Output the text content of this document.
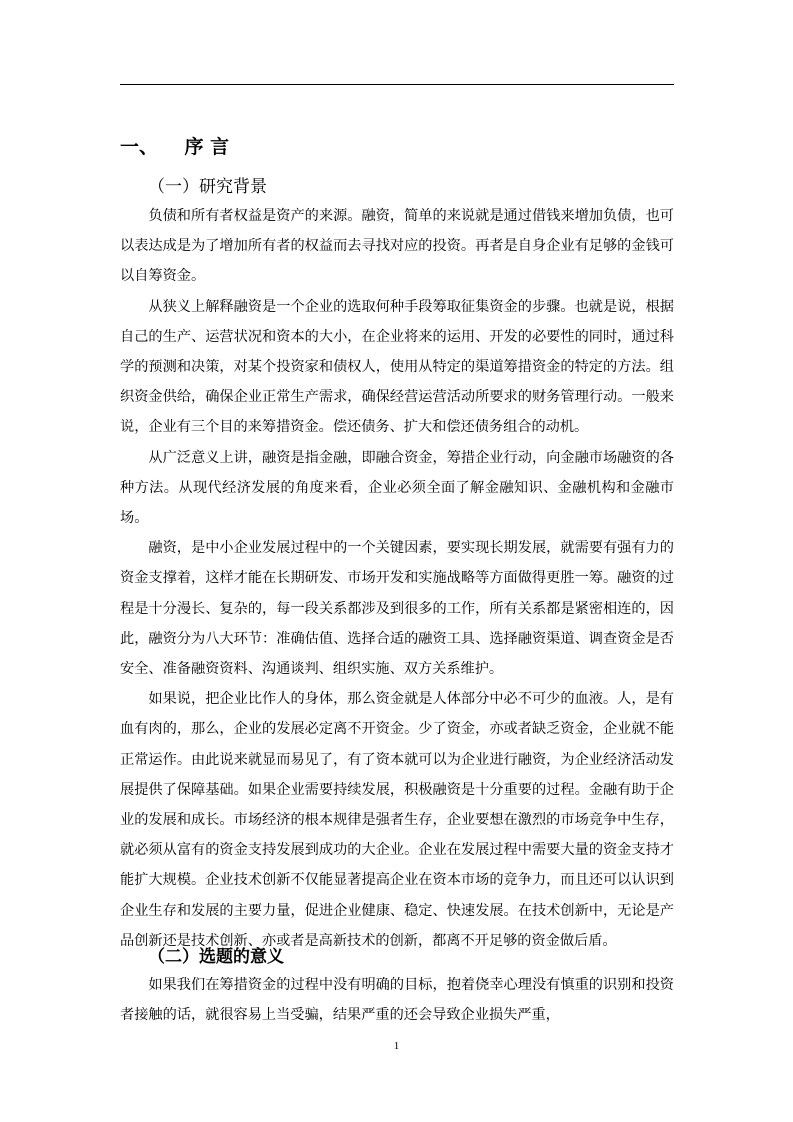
一、 序 言
（一）研究背景

负债和所有者权益是资产的来源。融资，简单的来说就是通过借钱来增加负债，也可以表达成是为了增加所有者的权益而去寻找对应的投资。再者是自身企业有足够的金钱可以自筹资金。

从狭义上解释融资是一个企业的选取何种手段筹取征集资金的步骤。也就是说，根据自己的生产、运营状况和资本的大小，在企业将来的运用、开发的必要性的同时，通过科学的预测和决策，对某个投资家和债权人，使用从特定的渠道筹措资金的特定的方法。组织资金供给，确保企业正常生产需求，确保经营运营活动所要求的财务管理行动。一般来说，企业有三个目的来筹措资金。偿还债务、扩大和偿还债务组合的动机。

从广泛意义上讲，融资是指金融，即融合资金，筹措企业行动，向金融市场融资的各种方法。从现代经济发展的角度来看，企业必须全面了解金融知识、金融机构和金融市场。

融资，是中小企业发展过程中的一个关键因素，要实现长期发展，就需要有强有力的资金支撑着，这样才能在长期研发、市场开发和实施战略等方面做得更胜一筹。融资的过程是十分漫长、复杂的，每一段关系都涉及到很多的工作，所有关系都是紧密相连的，因此，融资分为八大环节：准确估值、选择合适的融资工具、选择融资渠道、调查资金是否安全、准备融资资料、沟通谈判、组织实施、双方关系维护。

如果说，把企业比作人的身体，那么资金就是人体部分中必不可少的血液。人，是有血有肉的，那么，企业的发展必定离不开资金。少了资金，亦或者缺乏资金，企业就不能正常运作。由此说来就显而易见了，有了资本就可以为企业进行融资，为企业经济活动发展提供了保障基础。如果企业需要持续发展，积极融资是十分重要的过程。金融有助于企业的发展和成长。市场经济的根本规律是强者生存，企业要想在激烈的市场竞争中生存，就必须从富有的资金支持发展到成功的大企业。企业在发展过程中需要大量的资金支持才能扩大规模。企业技术创新不仅能显著提高企业在资本市场的竞争力，而且还可以认识到企业生存和发展的主要力量，促进企业健康、稳定、快速发展。在技术创新中，无论是产品创新还是技术创新、亦或者是高新技术的创新，都离不开足够的资金做后盾。

（二）选题的意义

如果我们在筹措资金的过程中没有明确的目标，抱着侥幸心理没有慎重的识别和投资者接触的话，就很容易上当受骗，结果严重的还会导致企业损失严重，

1
